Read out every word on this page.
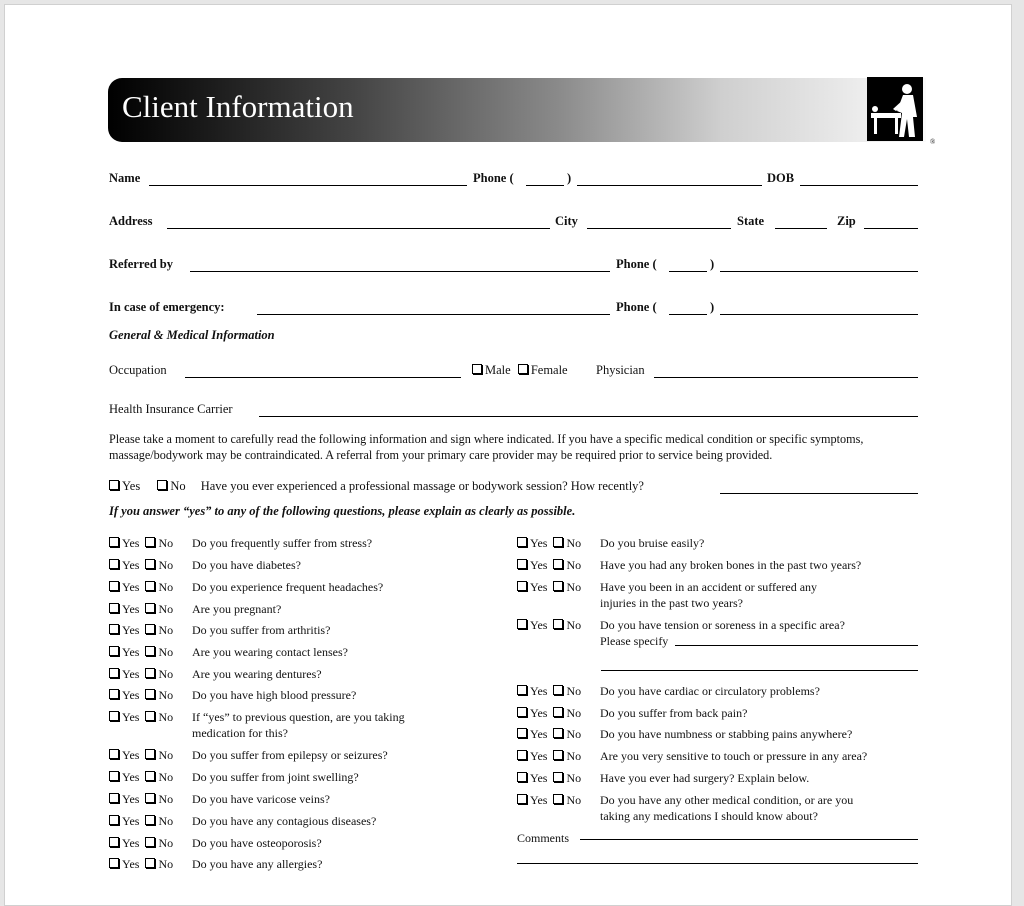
Client Information
®
Name	Phone (	)	DOB
Address	City	State	Zip
Referred by	Phone (	)
In case of emergency:	Phone (	)
General & Medical Information
Occupation	Male Female Physician
Health Insurance Carrier
Please take a moment to carefully read the following information and sign where indicated. If you have a specific medical condition or specific symptoms, massage/bodywork may be contraindicated. A referral from your primary care provider may be required prior to service being provided.
Yes No Have you ever experienced a professional massage or bodywork session? How recently?
If you answer “yes” to any of the following questions, please explain as clearly as possible.
Yes No Do you frequently suffer from stress?
Yes No Do you have diabetes?
Yes No Do you experience frequent headaches?
Yes No Are you pregnant?
Yes No Do you suffer from arthritis?
Yes No Are you wearing contact lenses?
Yes No Are you wearing dentures?
Yes No Do you have high blood pressure?
Yes No If “yes” to previous question, are you taking
medication for this?
Yes No Do you suffer from epilepsy or seizures?
Yes No Do you suffer from joint swelling?
Yes No Do you have varicose veins?
Yes No Do you have any contagious diseases?
Yes No Do you have osteoporosis?
Yes No Do you have any allergies?
Yes No Do you bruise easily?
Yes No Have you had any broken bones in the past two years?
Yes No Have you been in an accident or suffered any
injuries in the past two years?
Yes No Do you have tension or soreness in a specific area?
Please specify
Yes No Do you have cardiac or circulatory problems?
Yes No Do you suffer from back pain?
Yes No Do you have numbness or stabbing pains anywhere?
Yes No Are you very sensitive to touch or pressure in any area?
Yes No Have you ever had surgery? Explain below.
Yes No Do you have any other medical condition, or are you
taking any medications I should know about?
Comments
